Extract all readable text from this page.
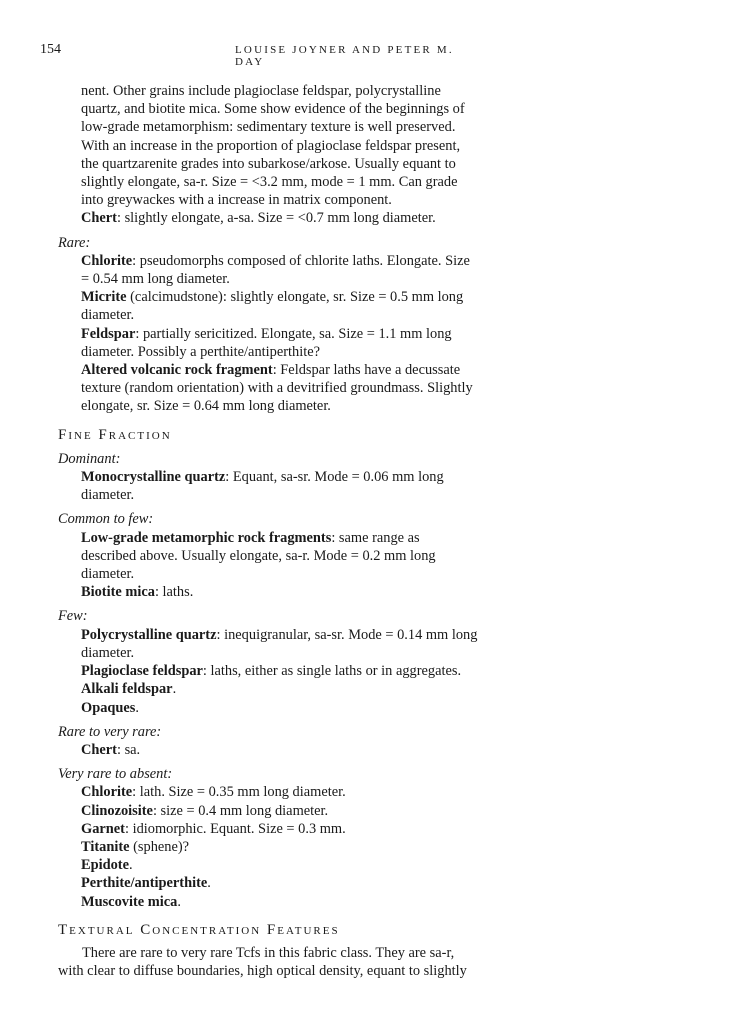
154	LOUISE JOYNER AND PETER M. DAY

nent. Other grains include plagioclase feldspar, polycrystalline

quartz, and biotite mica. Some show evidence of the beginnings of

low-grade metamorphism: sedimentary texture is well preserved.

With an increase in the proportion of plagioclase feldspar present,

the quartzarenite grades into subarkose/arkose. Usually equant to

slightly elongate, sa-r. Size = <3.2 mm, mode = 1 mm. Can grade

into greywackes with a increase in matrix component.

Chert: slightly elongate, a-sa. Size = <0.7 mm long diameter.

Rare:

Chlorite: pseudomorphs composed of chlorite laths. Elongate. Size = 0.54 mm long diameter.

Micrite (calcimudstone): slightly elongate, sr. Size = 0.5 mm long diameter.

Feldspar: partially sericitized. Elongate, sa. Size = 1.1 mm long diameter. Possibly a perthite/antiperthite?

Altered volcanic rock fragment: Feldspar laths have a decussate texture (random orientation) with a devitrified groundmass. Slightly elongate, sr. Size = 0.64 mm long diameter.

Fine Fraction

Dominant:

Monocrystalline quartz: Equant, sa-sr. Mode = 0.06 mm long diameter.

Common to few:

Low-grade metamorphic rock fragments: same range as described above. Usually elongate, sa-r. Mode = 0.2 mm long diameter.

Biotite mica: laths.

Few:

Polycrystalline quartz: inequigranular, sa-sr. Mode = 0.14 mm long diameter.

Plagioclase feldspar: laths, either as single laths or in aggregates.

Alkali feldspar.

Opaques.

Rare to very rare:

Chert: sa.

Very rare to absent:

Chlorite: lath. Size = 0.35 mm long diameter.

Clinozoisite: size = 0.4 mm long diameter.

Garnet: idiomorphic. Equant. Size = 0.3 mm.

Titanite (sphene)?

Epidote.

Perthite/antiperthite.

Muscovite mica.

Textural Concentration Features

There are rare to very rare Tcfs in this fabric class. They are sa-r, with clear to diffuse boundaries, high optical density, equant to slightly
